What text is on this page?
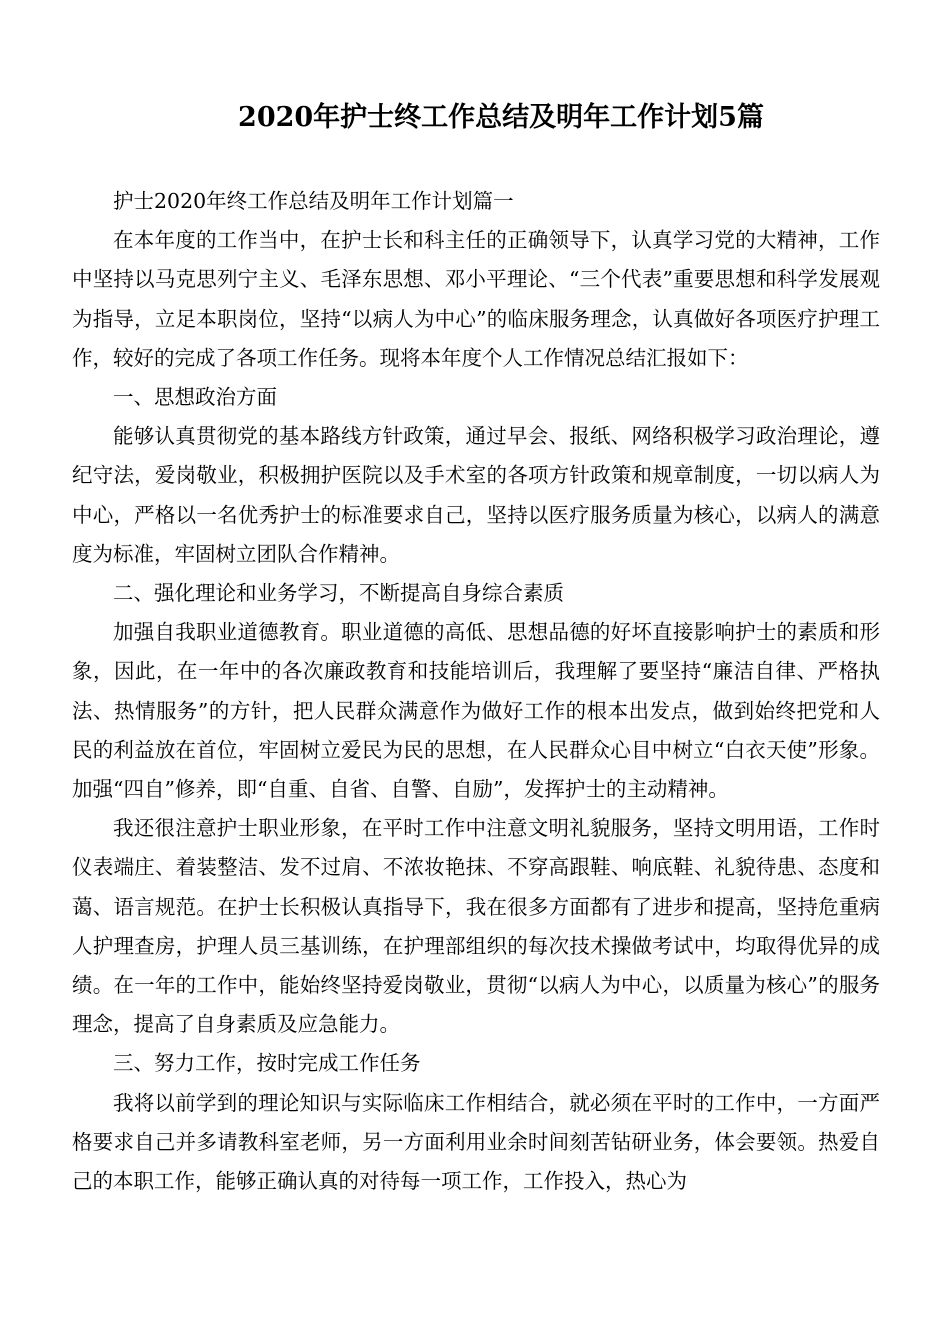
2020年护士终工作总结及明年工作计划5篇

护士2020年终工作总结及明年工作计划篇一

在本年度的工作当中，在护士长和科主任的正确领导下，认真学习党的大精神，工作中坚持以马克思列宁主义、毛泽东思想、邓小平理论、“三个代表”重要思想和科学发展观为指导，立足本职岗位，坚持“以病人为中心”的临床服务理念，认真做好各项医疗护理工作，较好的完成了各项工作任务。现将本年度个人工作情况总结汇报如下：

一、思想政治方面

能够认真贯彻党的基本路线方针政策，通过早会、报纸、网络积极学习政治理论，遵纪守法，爱岗敬业，积极拥护医院以及手术室的各项方针政策和规章制度，一切以病人为中心，严格以一名优秀护士的标准要求自己，坚持以医疗服务质量为核心，以病人的满意度为标准，牢固树立团队合作精神。

二、强化理论和业务学习，不断提高自身综合素质

加强自我职业道德教育。职业道德的高低、思想品德的好坏直接影响护士的素质和形象，因此，在一年中的各次廉政教育和技能培训后，我理解了要坚持“廉洁自律、严格执法、热情服务”的方针，把人民群众满意作为做好工作的根本出发点，做到始终把党和人民的利益放在首位，牢固树立爱民为民的思想，在人民群众心目中树立“白衣天使”形象。加强“四自”修养，即“自重、自省、自警、自励”，发挥护士的主动精神。

我还很注意护士职业形象，在平时工作中注意文明礼貌服务，坚持文明用语，工作时仪表端庄、着装整洁、发不过肩、不浓妆艳抹、不穿高跟鞋、响底鞋、礼貌待患、态度和蔼、语言规范。在护士长积极认真指导下，我在很多方面都有了进步和提高，坚持危重病人护理查房，护理人员三基训练，在护理部组织的每次技术操做考试中，均取得优异的成绩。在一年的工作中，能始终坚持爱岗敬业，贯彻“以病人为中心，以质量为核心”的服务理念，提高了自身素质及应急能力。

三、努力工作，按时完成工作任务

我将以前学到的理论知识与实际临床工作相结合，就必须在平时的工作中，一方面严格要求自己并多请教科室老师，另一方面利用业余时间刻苦钻研业务，体会要领。热爱自己的本职工作，能够正确认真的对待每一项工作，工作投入，热心为
